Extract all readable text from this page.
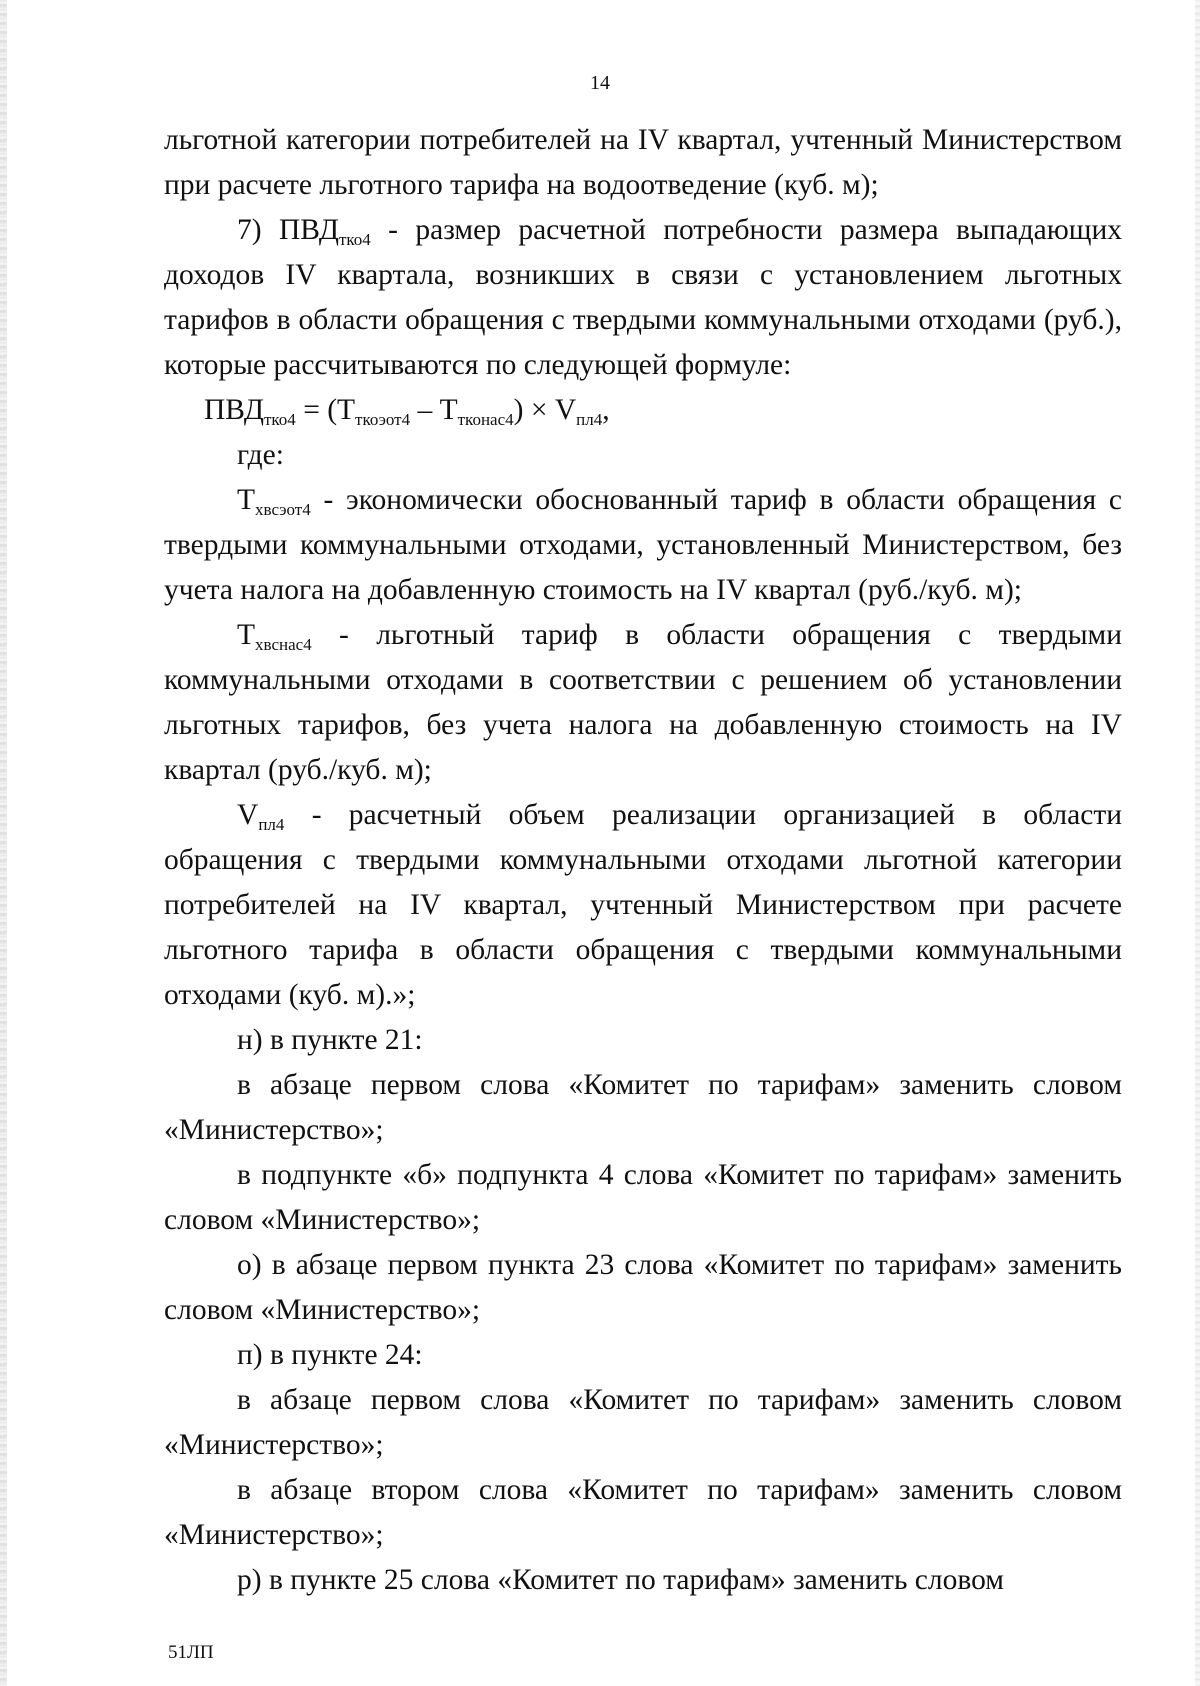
14

льготной категории потребителей на IV квартал, учтенный Министерством при расчете льготного тарифа на водоотведение (куб. м);

7) $ПВД_{тко4}$ - размер расчетной потребности размера выпадающих доходов IV квартала, возникших в связи с установлением льготных тарифов в области обращения с твердыми коммунальными отходами (руб.), которые рассчитываются по следующей формуле:

$ПВД_{тко4} = (Т_{ткоэот4} - Т_{тконас4}) \times V_{пл4}$,

где:

$Т_{хвсэот4}$ - экономически обоснованный тариф в области обращения с твердыми коммунальными отходами, установленный Министерством, без учета налога на добавленную стоимость на IV квартал (руб./куб. м);

$Т_{хвснас4}$ - льготный тариф в области обращения с твердыми коммунальными отходами в соответствии с решением об установлении льготных тарифов, без учета налога на добавленную стоимость на IV квартал (руб./куб. м);

$V_{пл4}$ - расчетный объем реализации организацией в области обращения с твердыми коммунальными отходами льготной категории потребителей на IV квартал, учтенный Министерством при расчете льготного тарифа в области обращения с твердыми коммунальными отходами (куб. м).»;

н) в пункте 21:

в абзаце первом слова «Комитет по тарифам» заменить словом «Министерство»;

в подпункте «б» подпункта 4 слова «Комитет по тарифам» заменить словом «Министерство»;

о) в абзаце первом пункта 23 слова «Комитет по тарифам» заменить словом «Министерство»;

п) в пункте 24:

в абзаце первом слова «Комитет по тарифам» заменить словом «Министерство»;

в абзаце втором слова «Комитет по тарифам» заменить словом «Министерство»;

р) в пункте 25 слова «Комитет по тарифам» заменить словом

51ЛП
